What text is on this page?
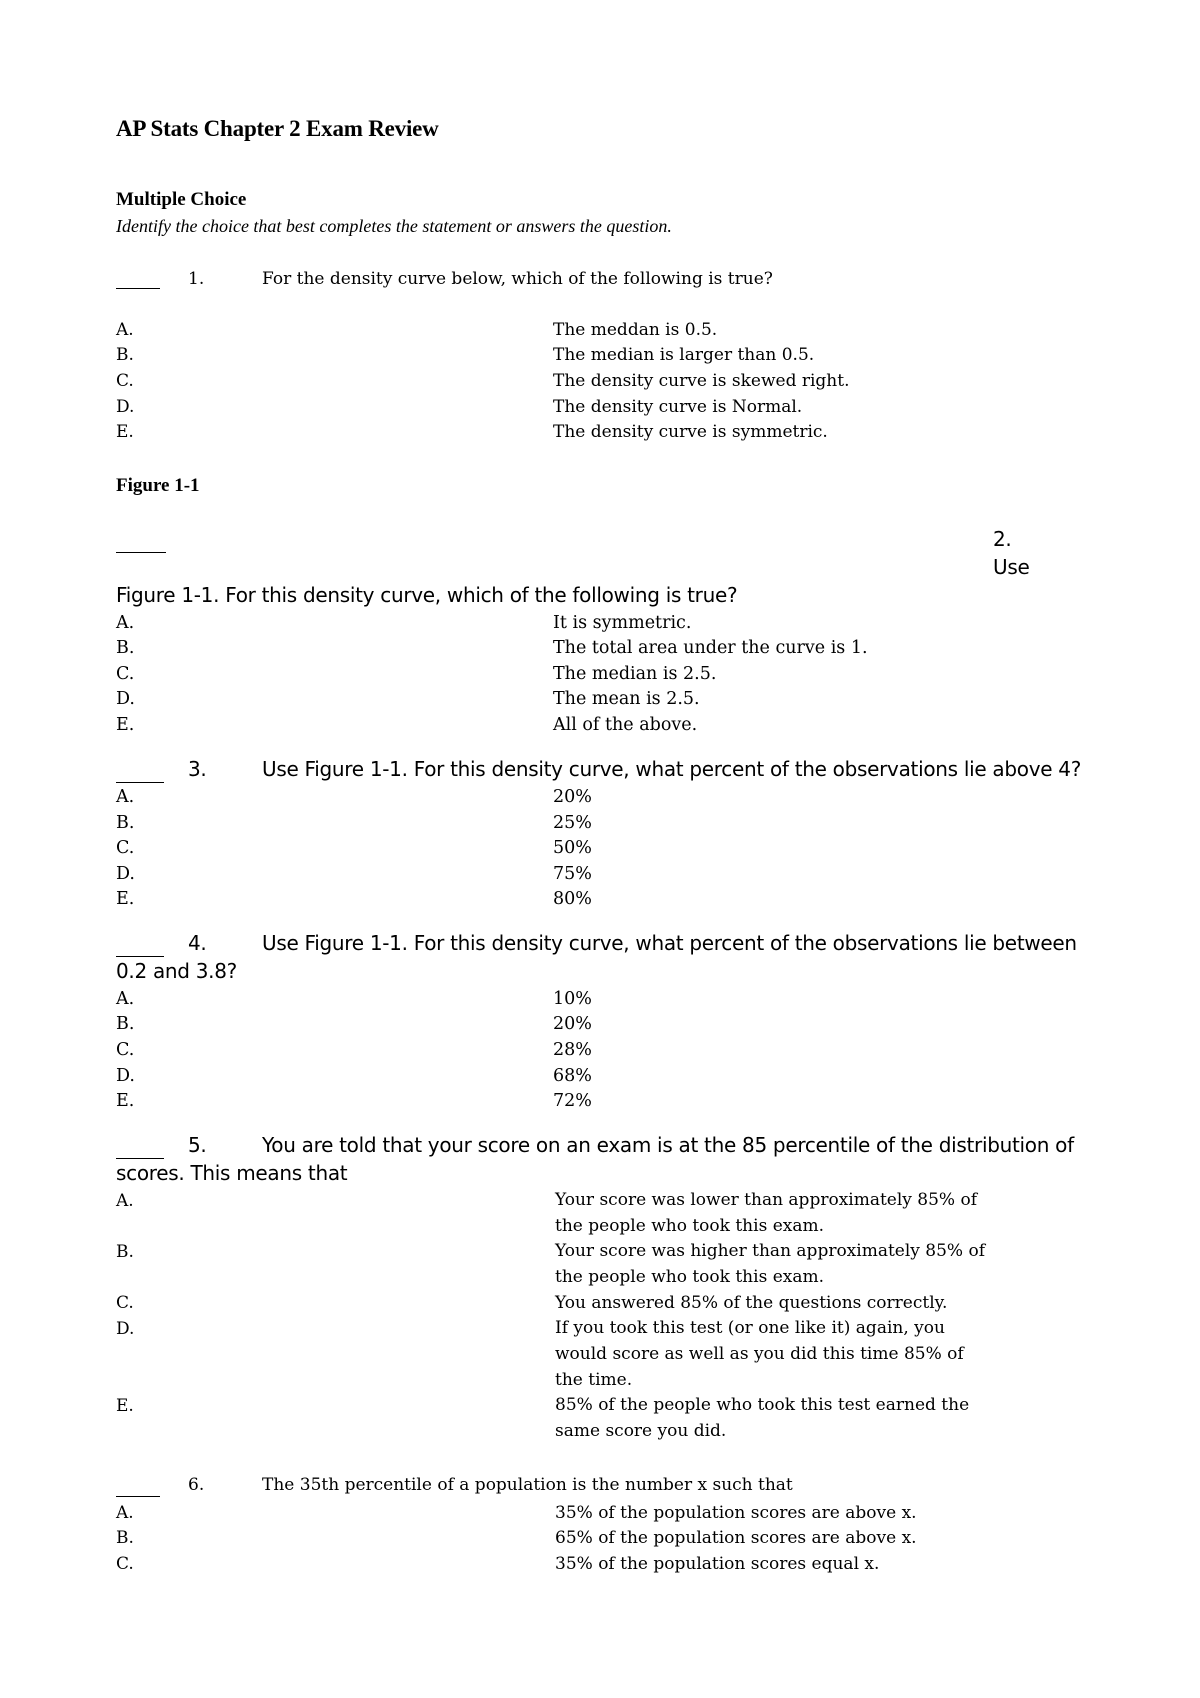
AP Stats Chapter 2 Exam Review
Multiple Choice
Identify the choice that best completes the statement or answers the question.
1.	For the density curve below, which of the following is true?
A.	The meddan is 0.5.
B.	The median is larger than 0.5.
C.	The density curve is skewed right.
D.	The density curve is Normal.
E.	The density curve is symmetric.
Figure 1-1
2.
Use
Figure 1-1. For this density curve, which of the following is true?
A.	It is symmetric.
B.	The total area under the curve is 1.
C.	The median is 2.5.
D.	The mean is 2.5.
E.	All of the above.
3.	Use Figure 1-1. For this density curve, what percent of the observations lie above 4?
A.	20%
B.	25%
C.	50%
D.	75%
E.	80%
4.	Use Figure 1-1. For this density curve, what percent of the observations lie between
0.2 and 3.8?
A.	10%
B.	20%
C.	28%
D.	68%
E.	72%
5.	You are told that your score on an exam is at the 85 percentile of the distribution of
scores. This means that
A.	Your score was lower than approximately 85% of the people who took this exam.
B.	Your score was higher than approximately 85% of the people who took this exam.
C.	You answered 85% of the questions correctly.
D.	If you took this test (or one like it) again, you would score as well as you did this time 85% of the time.
E.	85% of the people who took this test earned the same score you did.
6.	The 35th percentile of a population is the number x such that
A.	35% of the population scores are above x.
B.	65% of the population scores are above x.
C.	35% of the population scores equal x.
